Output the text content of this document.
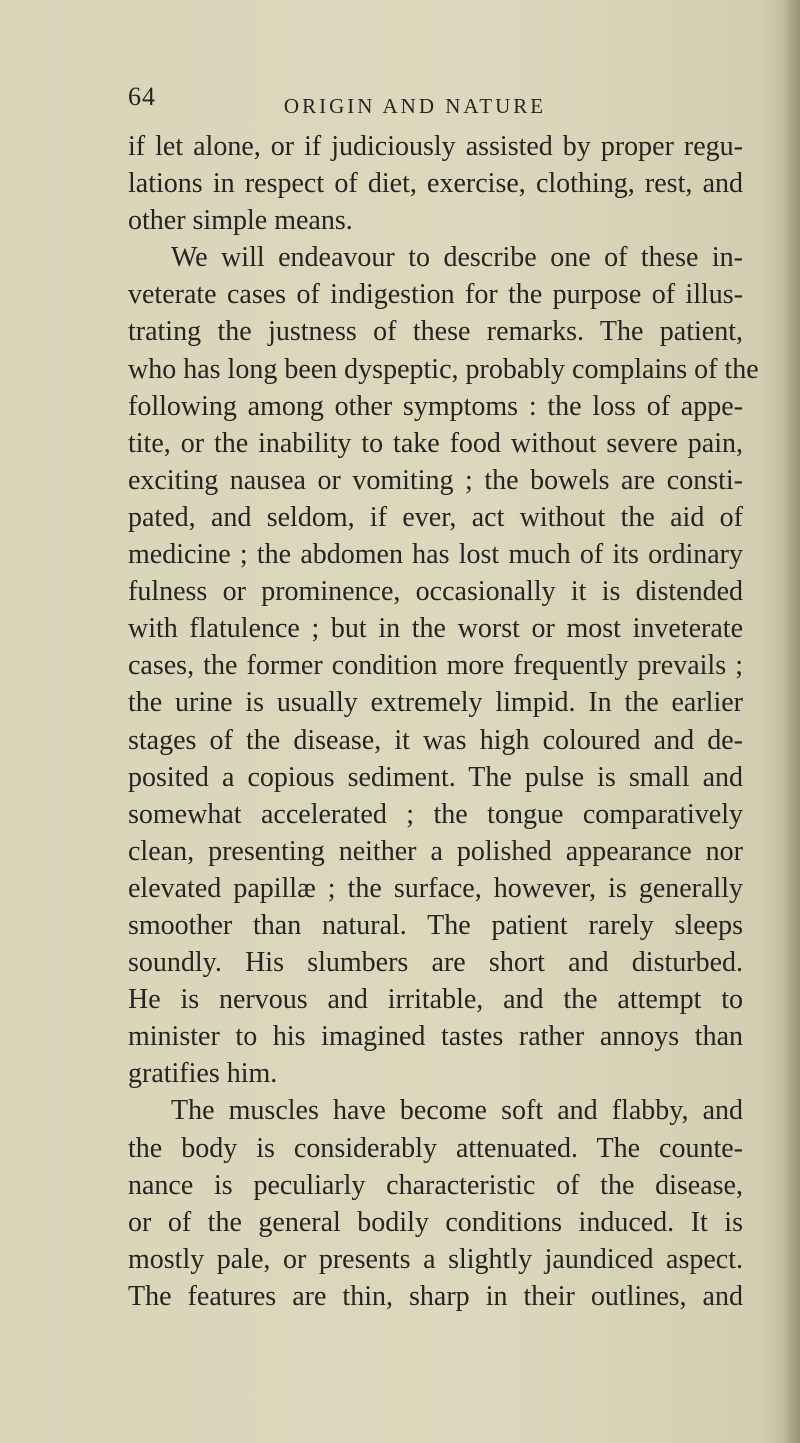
64	ORIGIN AND NATURE
if let alone, or if judiciously assisted by proper regu-
lations in respect of diet, exercise, clothing, rest, and
other simple means.
We will endeavour to describe one of these in-
veterate cases of indigestion for the purpose of illus-
trating the justness of these remarks. The patient,
who has long been dyspeptic, probably complains of the
following among other symptoms : the loss of appe-
tite, or the inability to take food without severe pain,
exciting nausea or vomiting ; the bowels are consti-
pated, and seldom, if ever, act without the aid of
medicine ; the abdomen has lost much of its ordinary
fulness or prominence, occasionally it is distended
with flatulence ; but in the worst or most inveterate
cases, the former condition more frequently prevails ;
the urine is usually extremely limpid. In the earlier
stages of the disease, it was high coloured and de-
posited a copious sediment. The pulse is small and
somewhat accelerated ; the tongue comparatively
clean, presenting neither a polished appearance nor
elevated papillæ ; the surface, however, is generally
smoother than natural. The patient rarely sleeps
soundly. His slumbers are short and disturbed.
He is nervous and irritable, and the attempt to
minister to his imagined tastes rather annoys than
gratifies him.
The muscles have become soft and flabby, and
the body is considerably attenuated. The counte-
nance is peculiarly characteristic of the disease,
or of the general bodily conditions induced. It is
mostly pale, or presents a slightly jaundiced aspect.
The features are thin, sharp in their outlines, and
